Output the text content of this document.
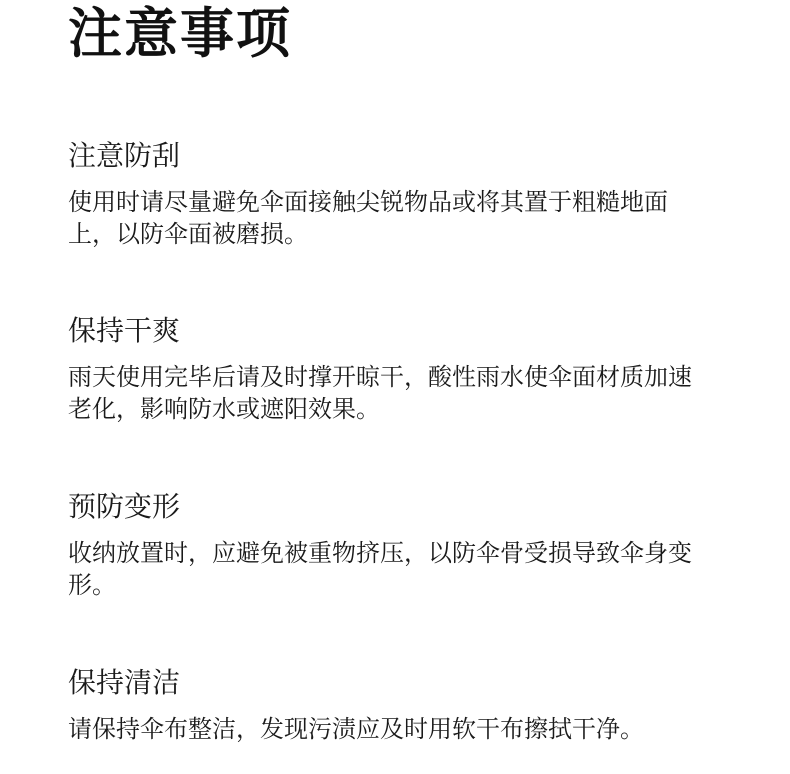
注意事项
注意防刮
使用时请尽量避免伞面接触尖锐物品或将其置于粗糙地面上，以防伞面被磨损。
保持干爽
雨天使用完毕后请及时撑开晾干，酸性雨水使伞面材质加速老化，影响防水或遮阳效果。
预防变形
收纳放置时，应避免被重物挤压，以防伞骨受损导致伞身变形。
保持清洁
请保持伞布整洁，发现污渍应及时用软干布擦拭干净。
